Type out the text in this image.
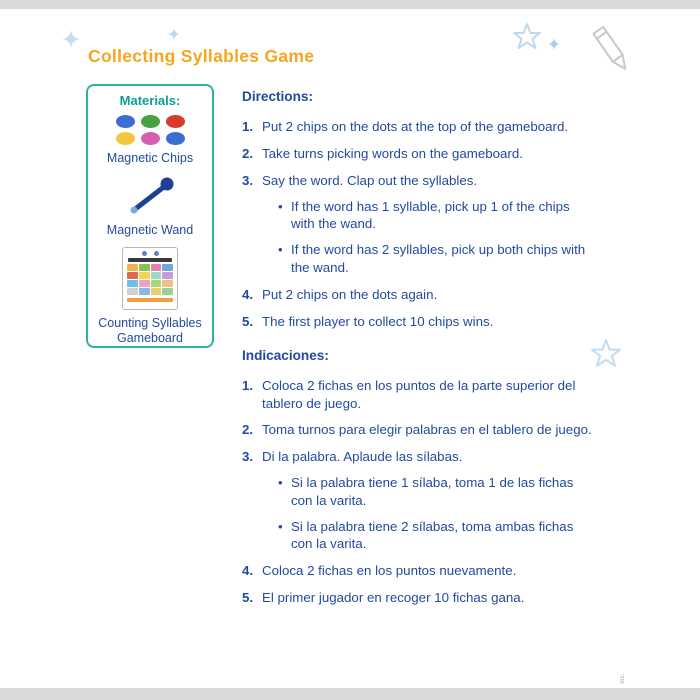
Collecting Syllables Game
Materials:
Magnetic Chips
Magnetic Wand
Counting Syllables Gameboard
Directions:
1. Put 2 chips on the dots at the top of the gameboard.
2. Take turns picking words on the gameboard.
3. Say the word. Clap out the syllables.
•
If the word has 1 syllable, pick up 1 of the chips with the wand.
•
If the word has 2 syllables, pick up both chips with the wand.
4. Put 2 chips on the dots again.
5. The first player to collect 10 chips wins.
Indicaciones:
1. Coloca 2 fichas en los puntos de la parte superior del tablero de juego.
2. Toma turnos para elegir palabras en el tablero de juego.
3. Di la palabra. Aplaude las sílabas.
•
Si la palabra tiene 1 sílaba, toma 1 de las fichas con la varita.
•
Si la palabra tiene 2 sílabas, toma ambas fichas con la varita.
4. Coloca 2 fichas en los puntos nuevamente.
5. El primer jugador en recoger 10 fichas gana.
Inc.
